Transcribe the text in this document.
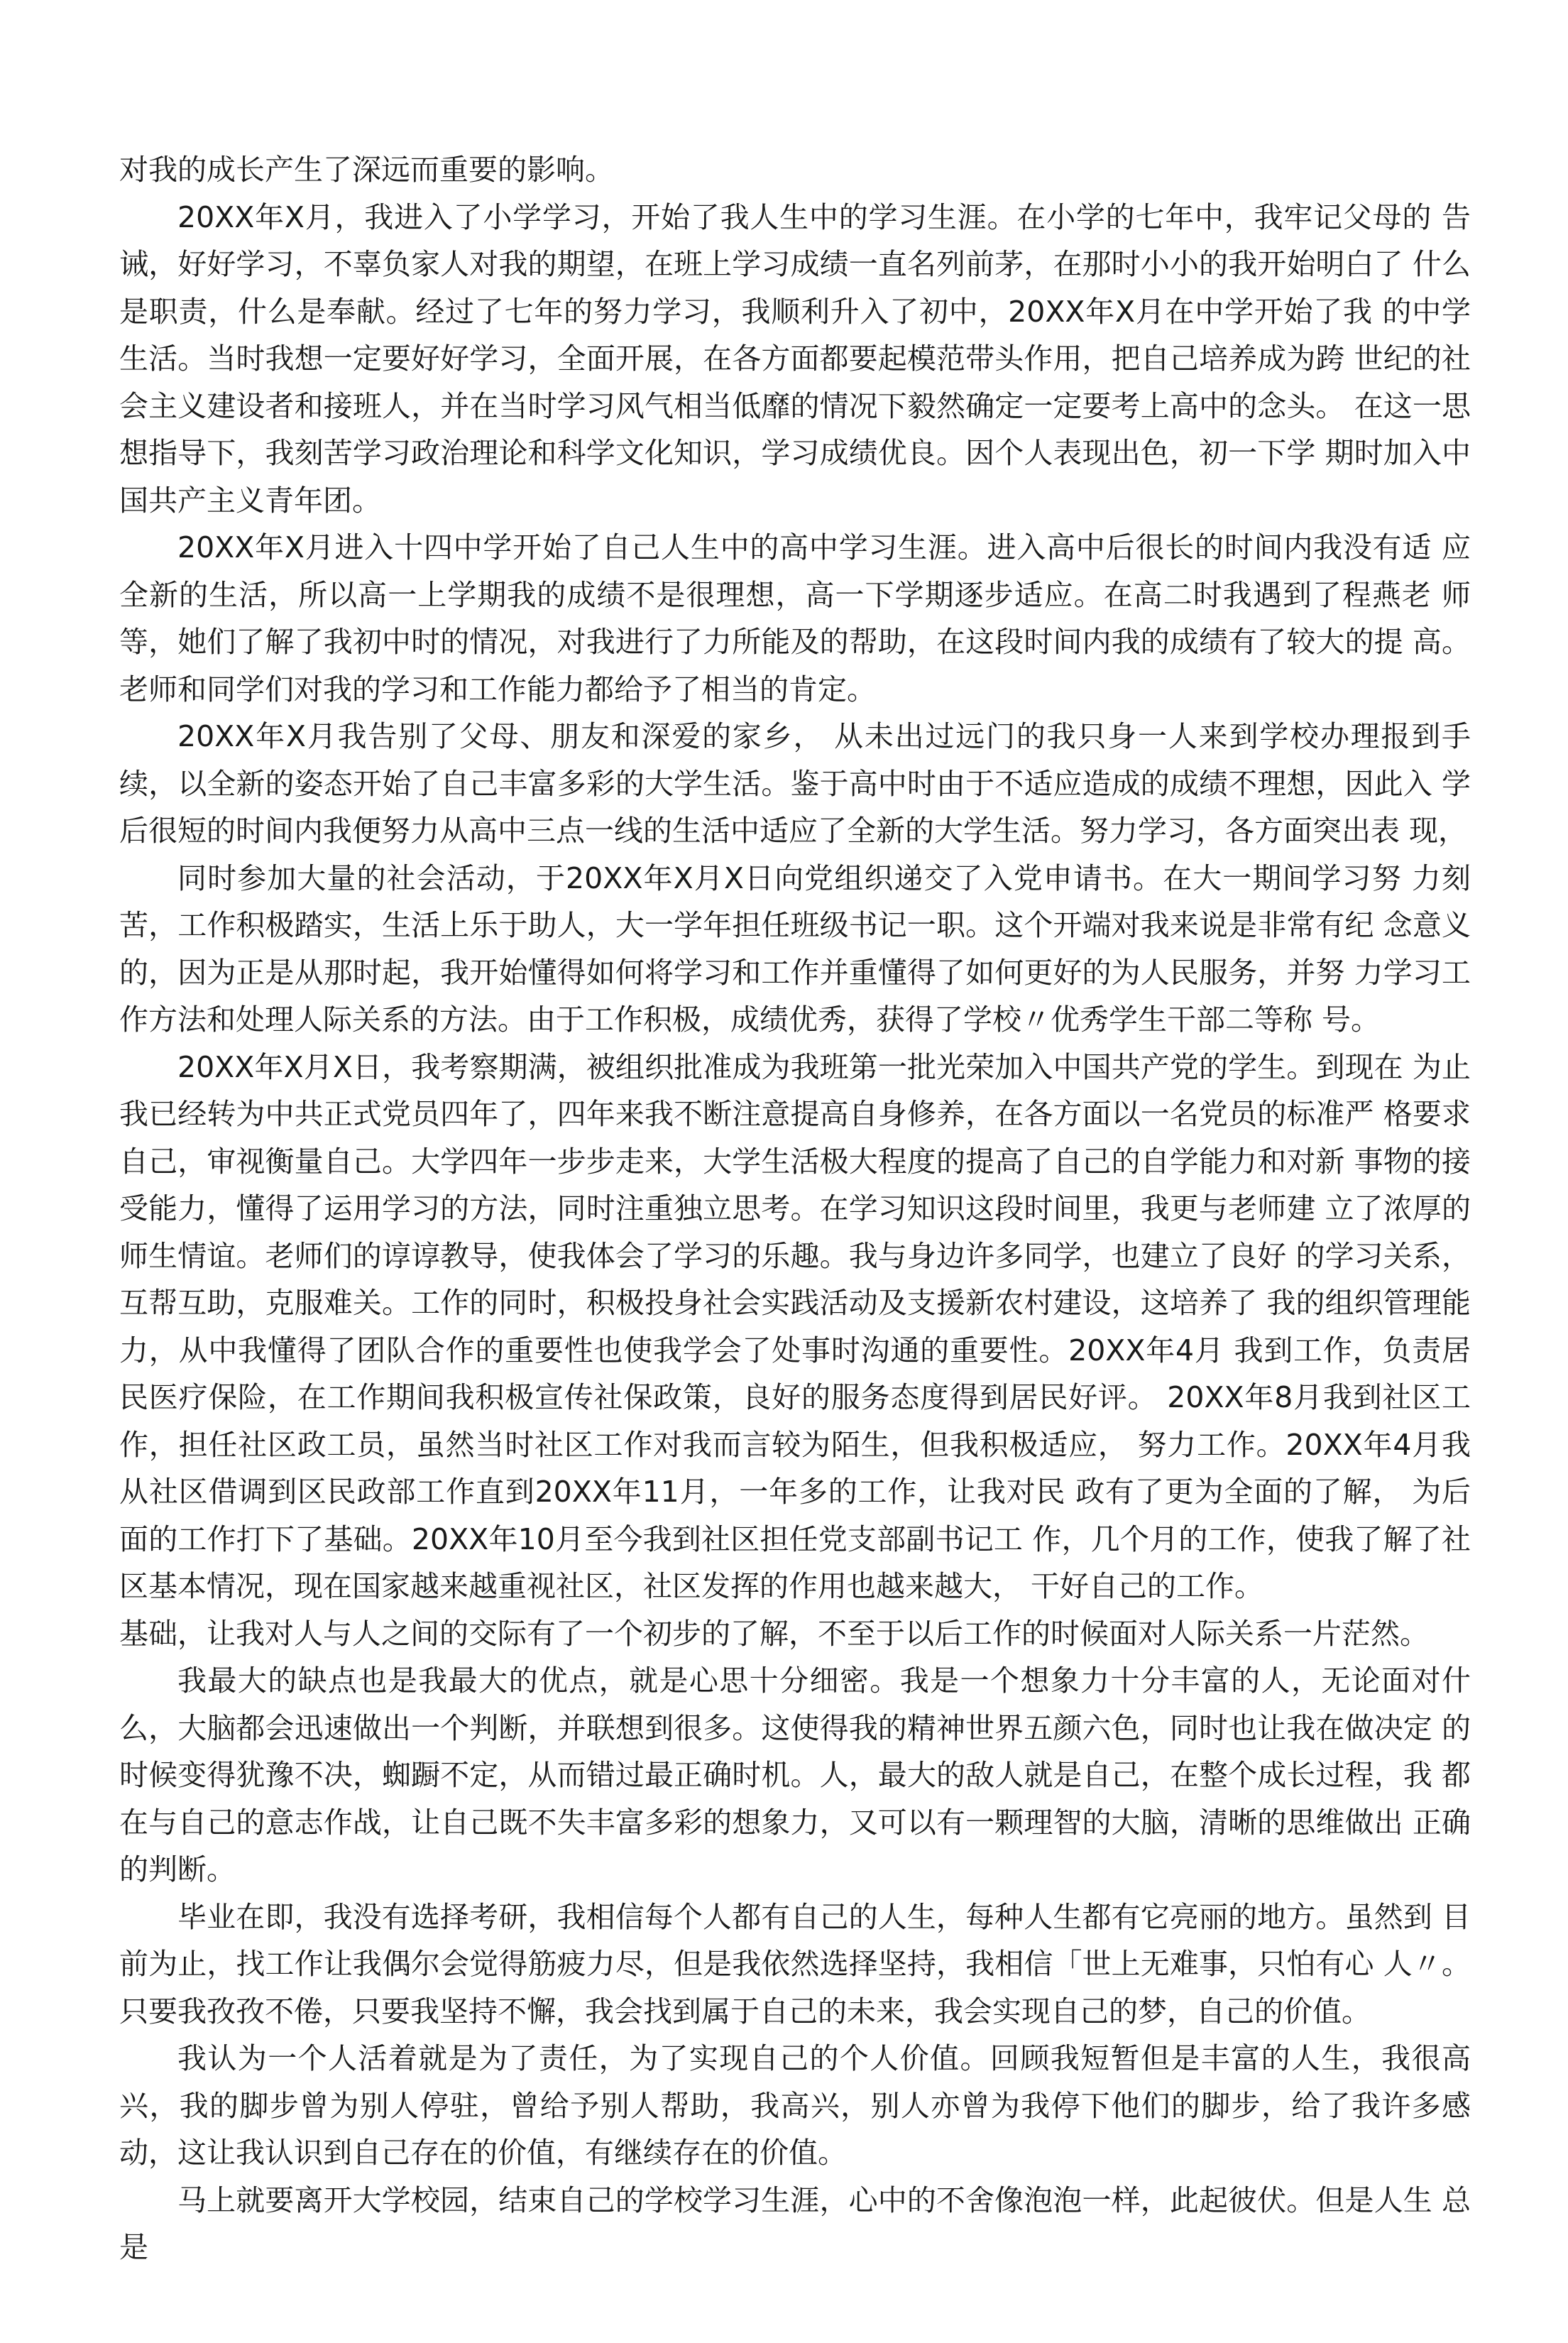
对我的成长产生了深远而重要的影响。

20XX年X月，我进入了小学学习，开始了我人生中的学习生涯。在小学的七年中，我牢记父母的 告诫，好好学习，不辜负家人对我的期望，在班上学习成绩一直名列前茅，在那时小小的我开始明白了 什么是职责，什么是奉献。经过了七年的努力学习，我顺利升入了初中，20XX年X月在中学开始了我 的中学生活。当时我想一定要好好学习，全面开展，在各方面都要起模范带头作用，把自己培养成为跨 世纪的社会主义建设者和接班人，并在当时学习风气相当低靡的情况下毅然确定一定要考上高中的念头。 在这一思想指导下，我刻苦学习政治理论和科学文化知识，学习成绩优良。因个人表现出色，初一下学 期时加入中国共产主义青年团。

20XX年X月进入十四中学开始了自己人生中的高中学习生涯。进入高中后很长的时间内我没有适 应全新的生活，所以高一上学期我的成绩不是很理想，高一下学期逐步适应。在高二时我遇到了程燕老 师等，她们了解了我初中时的情况，对我进行了力所能及的帮助，在这段时间内我的成绩有了较大的提 高。老师和同学们对我的学习和工作能力都给予了相当的肯定。

20XX年X月我告别了父母、朋友和深爱的家乡， 从未出过远门的我只身一人来到学校办理报到手 续，以全新的姿态开始了自己丰富多彩的大学生活。鉴于高中时由于不适应造成的成绩不理想，因此入 学后很短的时间内我便努力从高中三点一线的生活中适应了全新的大学生活。努力学习，各方面突出表 现，

同时参加大量的社会活动，于20XX年X月X日向党组织递交了入党申请书。在大一期间学习努 力刻苦，工作积极踏实，生活上乐于助人，大一学年担任班级书记一职。这个开端对我来说是非常有纪 念意义的，因为正是从那时起，我开始懂得如何将学习和工作并重懂得了如何更好的为人民服务，并努 力学习工作方法和处理人际关系的方法。由于工作积极，成绩优秀，获得了学校〃优秀学生干部二等称 号。

20XX年X月X日，我考察期满，被组织批准成为我班第一批光荣加入中国共产党的学生。到现在 为止我已经转为中共正式党员四年了，四年来我不断注意提高自身修养，在各方面以一名党员的标准严 格要求自己，审视衡量自己。大学四年一步步走来，大学生活极大程度的提高了自己的自学能力和对新 事物的接受能力，懂得了运用学习的方法，同时注重独立思考。在学习知识这段时间里，我更与老师建 立了浓厚的师生情谊。老师们的谆谆教导，使我体会了学习的乐趣。我与身边许多同学，也建立了良好 的学习关系，互帮互助，克服难关。工作的同时，积极投身社会实践活动及支援新农村建设，这培养了 我的组织管理能力，从中我懂得了团队合作的重要性也使我学会了处事时沟通的重要性。20XX年4月 我到工作，负责居民医疗保险，在工作期间我积极宣传社保政策，良好的服务态度得到居民好评。 20XX年8月我到社区工作，担任社区政工员，虽然当时社区工作对我而言较为陌生，但我积极适应， 努力工作。20XX年4月我从社区借调到区民政部工作直到20XX年11月，一年多的工作，让我对民 政有了更为全面的了解， 为后面的工作打下了基础。20XX年10月至今我到社区担任党支部副书记工 作，几个月的工作，使我了解了社区基本情况，现在国家越来越重视社区，社区发挥的作用也越来越大， 干好自己的工作。

基础，让我对人与人之间的交际有了一个初步的了解，不至于以后工作的时候面对人际关系一片茫然。

我最大的缺点也是我最大的优点，就是心思十分细密。我是一个想象力十分丰富的人，无论面对什 么，大脑都会迅速做出一个判断，并联想到很多。这使得我的精神世界五颜六色，同时也让我在做决定 的时候变得犹豫不决，蜘蹰不定，从而错过最正确时机。人，最大的敌人就是自己，在整个成长过程，我 都在与自己的意志作战，让自己既不失丰富多彩的想象力，又可以有一颗理智的大脑，清晰的思维做出 正确的判断。

毕业在即，我没有选择考研，我相信每个人都有自己的人生，每种人生都有它亮丽的地方。虽然到 目前为止，找工作让我偶尔会觉得筋疲力尽，但是我依然选择坚持，我相信「世上无难事，只怕有心 人〃。只要我孜孜不倦，只要我坚持不懈，我会找到属于自己的未来，我会实现自己的梦，自己的价值。

我认为一个人活着就是为了责任，为了实现自己的个人价值。回顾我短暂但是丰富的人生，我很高 兴，我的脚步曾为别人停驻，曾给予别人帮助，我高兴，别人亦曾为我停下他们的脚步，给了我许多感 动，这让我认识到自己存在的价值，有继续存在的价值。

马上就要离开大学校园，结束自己的学校学习生涯，心中的不舍像泡泡一样，此起彼伏。但是人生 总是
